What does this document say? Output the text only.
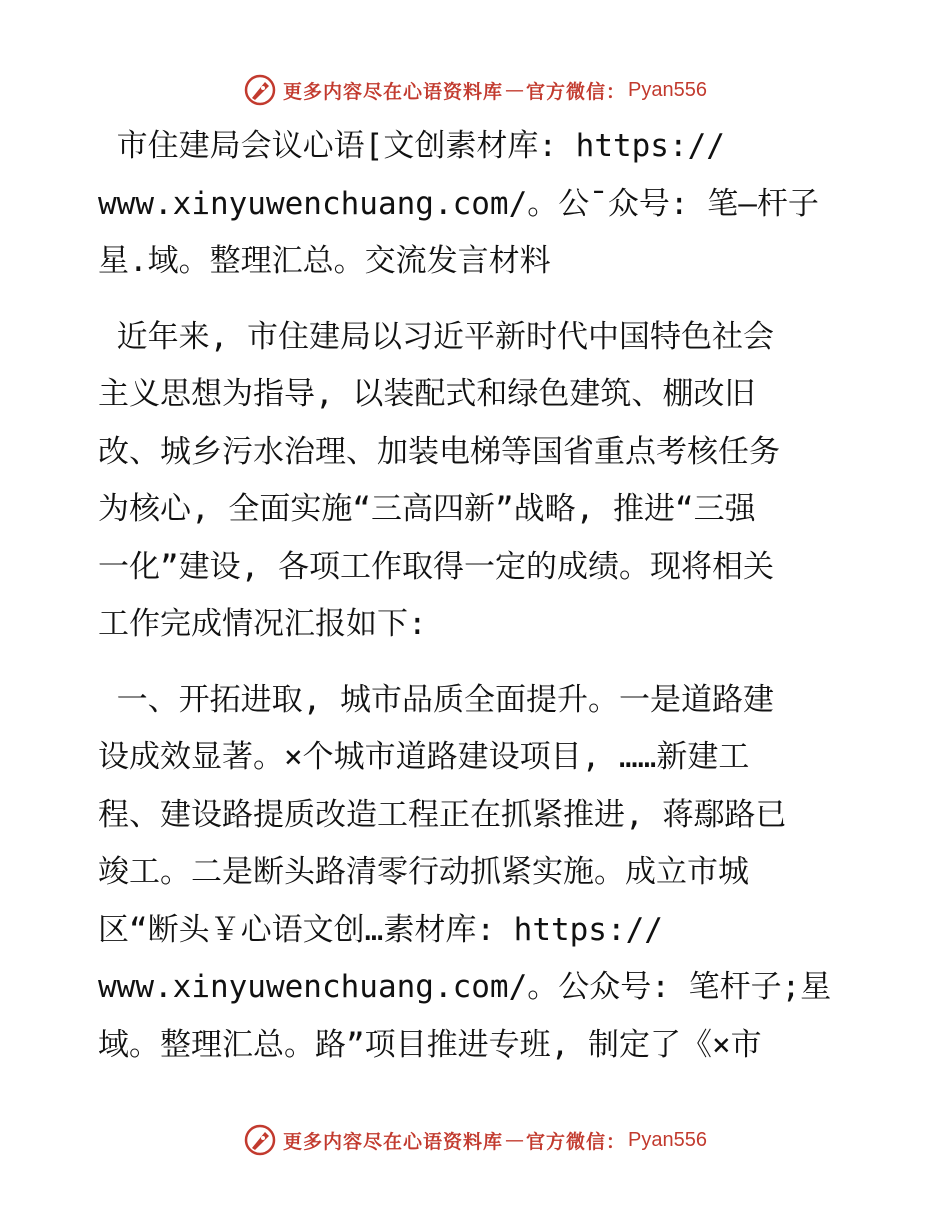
更多内容尽在心语资料库 — 官方微信： Pyan556
市住建局会议心语[文创素材库: https://
www.xinyuwenchuang.com/。公¯众号: 笔—杆子
星.域。整理汇总。交流发言材料
近年来, 市住建局以习近平新时代中国特色社会
主义思想为指导, 以装配式和绿色建筑、棚改旧
改、城乡污水治理、加装电梯等国省重点考核任务
为核心, 全面实施“三高四新”战略, 推进“三强
一化”建设, 各项工作取得一定的成绩。现将相关
工作完成情况汇报如下:
一、开拓进取, 城市品质全面提升。一是道路建
设成效显著。×个城市道路建设项目, ……新建工
程、建设路提质改造工程正在抓紧推进, 蒋鄢路已
竣工。二是断头路清零行动抓紧实施。成立市城
区“断头￥心语文创…素材库: https://
www.xinyuwenchuang.com/。公众号: 笔杆子;星
域。整理汇总。路”项目推进专班, 制定了《×市
更多内容尽在心语资料库 — 官方微信： Pyan556
